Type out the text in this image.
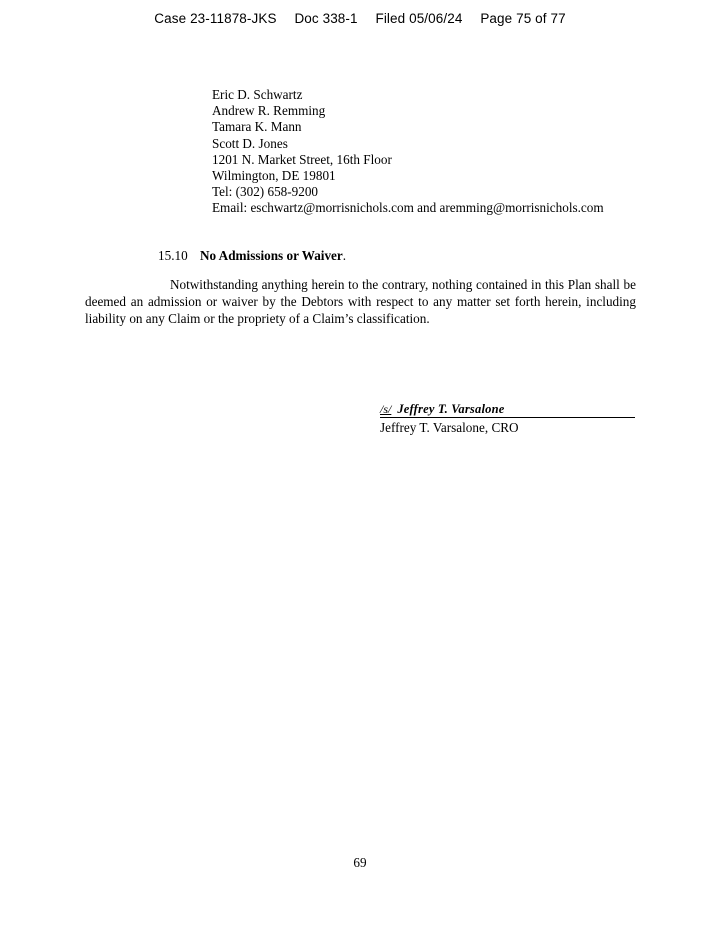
Case 23-11878-JKS Doc 338-1 Filed 05/06/24 Page 75 of 77
Eric D. Schwartz
Andrew R. Remming
Tamara K. Mann
Scott D. Jones
1201 N. Market Street, 16th Floor
Wilmington, DE 19801
Tel: (302) 658-9200
Email: eschwartz@morrisnichols.com and aremming@morrisnichols.com
15.10 No Admissions or Waiver.
Notwithstanding anything herein to the contrary, nothing contained in this Plan shall be deemed an admission or waiver by the Debtors with respect to any matter set forth herein, including liability on any Claim or the propriety of a Claim’s classification.
/s/ Jeffrey T. Varsalone
Jeffrey T. Varsalone, CRO
69
